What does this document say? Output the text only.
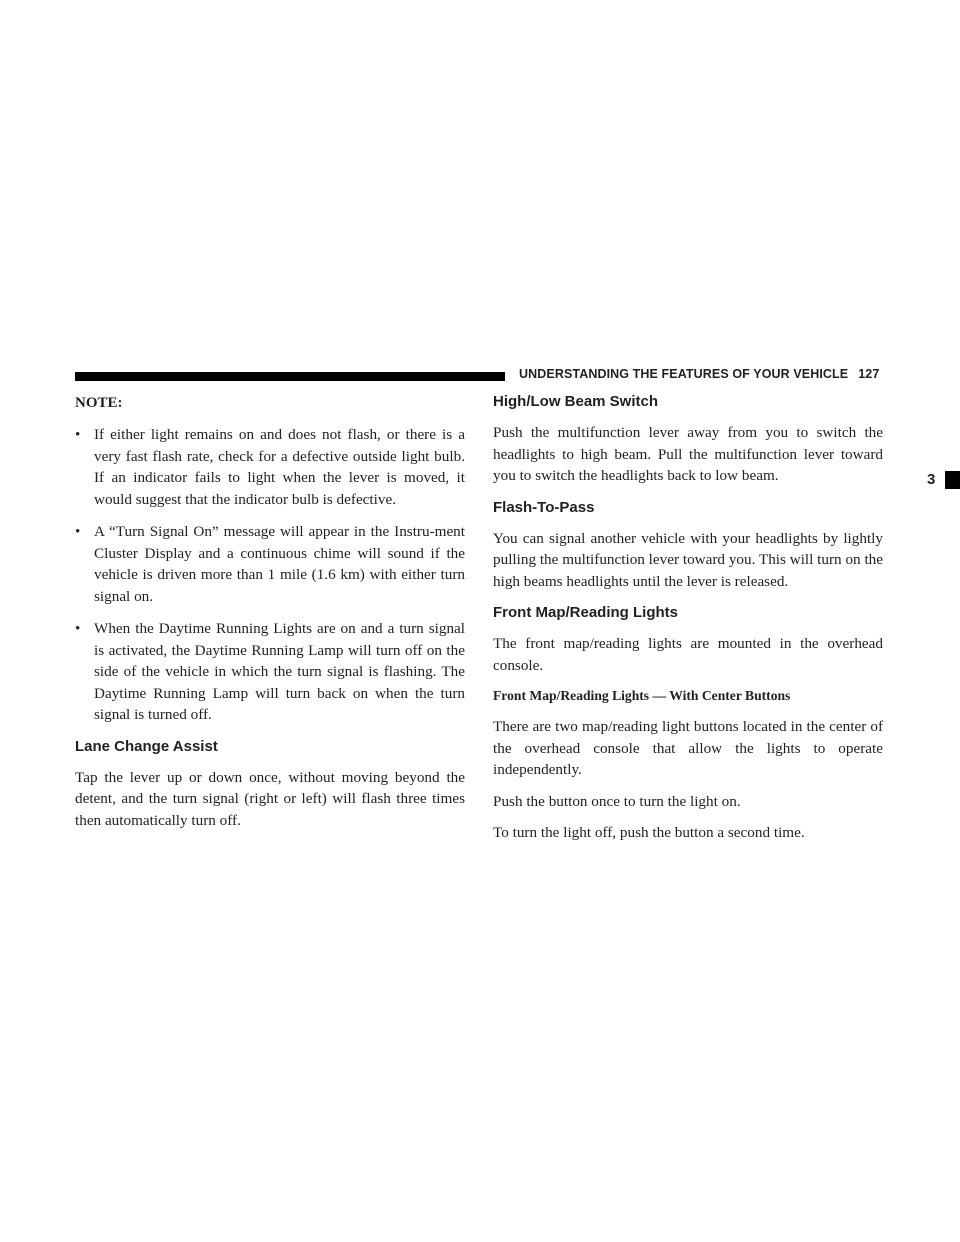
UNDERSTANDING THE FEATURES OF YOUR VEHICLE 127
3
NOTE:
• If either light remains on and does not flash, or there is a very fast flash rate, check for a defective outside light bulb. If an indicator fails to light when the lever is moved, it would suggest that the indicator bulb is defective.
• A “Turn Signal On” message will appear in the Instru-ment Cluster Display and a continuous chime will sound if the vehicle is driven more than 1 mile (1.6 km) with either turn signal on.
• When the Daytime Running Lights are on and a turn signal is activated, the Daytime Running Lamp will turn off on the side of the vehicle in which the turn signal is flashing. The Daytime Running Lamp will turn back on when the turn signal is turned off.
Lane Change Assist

Tap the lever up or down once, without moving beyond the detent, and the turn signal (right or left) will flash three times then automatically turn off.

High/Low Beam Switch

Push the multifunction lever away from you to switch the headlights to high beam. Pull the multifunction lever toward you to switch the headlights back to low beam.

Flash-To-Pass

You can signal another vehicle with your headlights by lightly pulling the multifunction lever toward you. This will turn on the high beams headlights until the lever is released.

Front Map/Reading Lights

The front map/reading lights are mounted in the overhead console.

Front Map/Reading Lights — With Center Buttons

There are two map/reading light buttons located in the center of the overhead console that allow the lights to operate independently.

Push the button once to turn the light on.

To turn the light off, push the button a second time.
